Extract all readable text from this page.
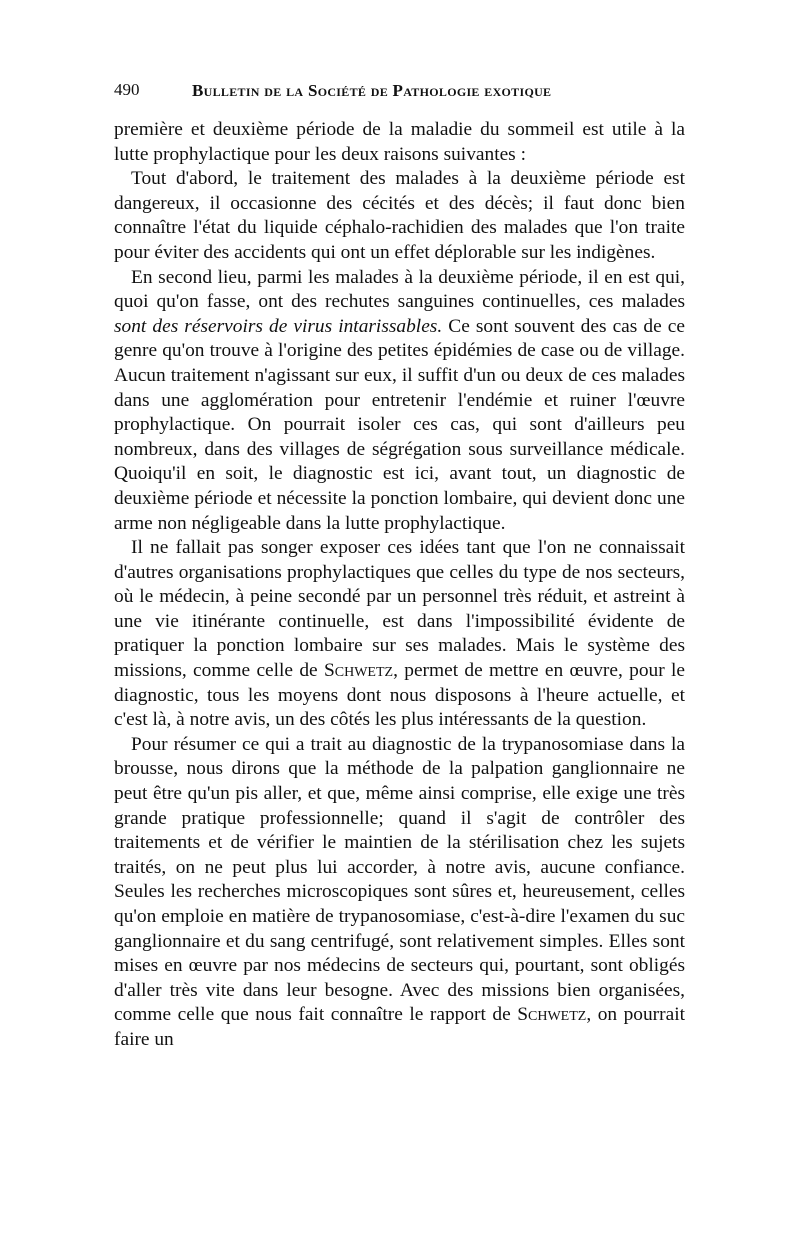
490	Bulletin de la Société de Pathologie exotique

première et deuxième période de la maladie du sommeil est utile à la lutte prophylactique pour les deux raisons suivantes :

Tout d'abord, le traitement des malades à la deuxième période est dangereux, il occasionne des cécités et des décès; il faut donc bien connaître l'état du liquide céphalo-rachidien des malades que l'on traite pour éviter des accidents qui ont un effet déplorable sur les indigènes.

En second lieu, parmi les malades à la deuxième période, il en est qui, quoi qu'on fasse, ont des rechutes sanguines continuelles, ces malades sont des réservoirs de virus intarissables. Ce sont souvent des cas de ce genre qu'on trouve à l'origine des petites épidémies de case ou de village. Aucun traitement n'agissant sur eux, il suffit d'un ou deux de ces malades dans une agglomération pour entretenir l'endémie et ruiner l'œuvre prophylactique. On pourrait isoler ces cas, qui sont d'ailleurs peu nombreux, dans des villages de ségrégation sous surveillance médicale. Quoiqu'il en soit, le diagnostic est ici, avant tout, un diagnostic de deuxième période et nécessite la ponction lombaire, qui devient donc une arme non négligeable dans la lutte prophylactique.

Il ne fallait pas songer exposer ces idées tant que l'on ne connaissait d'autres organisations prophylactiques que celles du type de nos secteurs, où le médecin, à peine secondé par un personnel très réduit, et astreint à une vie itinérante continuelle, est dans l'impossibilité évidente de pratiquer la ponction lombaire sur ses malades. Mais le système des missions, comme celle de Schwetz, permet de mettre en œuvre, pour le diagnostic, tous les moyens dont nous disposons à l'heure actuelle, et c'est là, à notre avis, un des côtés les plus intéressants de la question.

Pour résumer ce qui a trait au diagnostic de la trypanosomiase dans la brousse, nous dirons que la méthode de la palpation ganglionnaire ne peut être qu'un pis aller, et que, même ainsi comprise, elle exige une très grande pratique professionnelle; quand il s'agit de contrôler des traitements et de vérifier le maintien de la stérilisation chez les sujets traités, on ne peut plus lui accorder, à notre avis, aucune confiance. Seules les recherches microscopiques sont sûres et, heureusement, celles qu'on emploie en matière de trypanosomiase, c'est-à-dire l'examen du suc ganglionnaire et du sang centrifugé, sont relativement simples. Elles sont mises en œuvre par nos médecins de secteurs qui, pourtant, sont obligés d'aller très vite dans leur besogne. Avec des missions bien organisées, comme celle que nous fait connaître le rapport de Schwetz, on pourrait faire un
